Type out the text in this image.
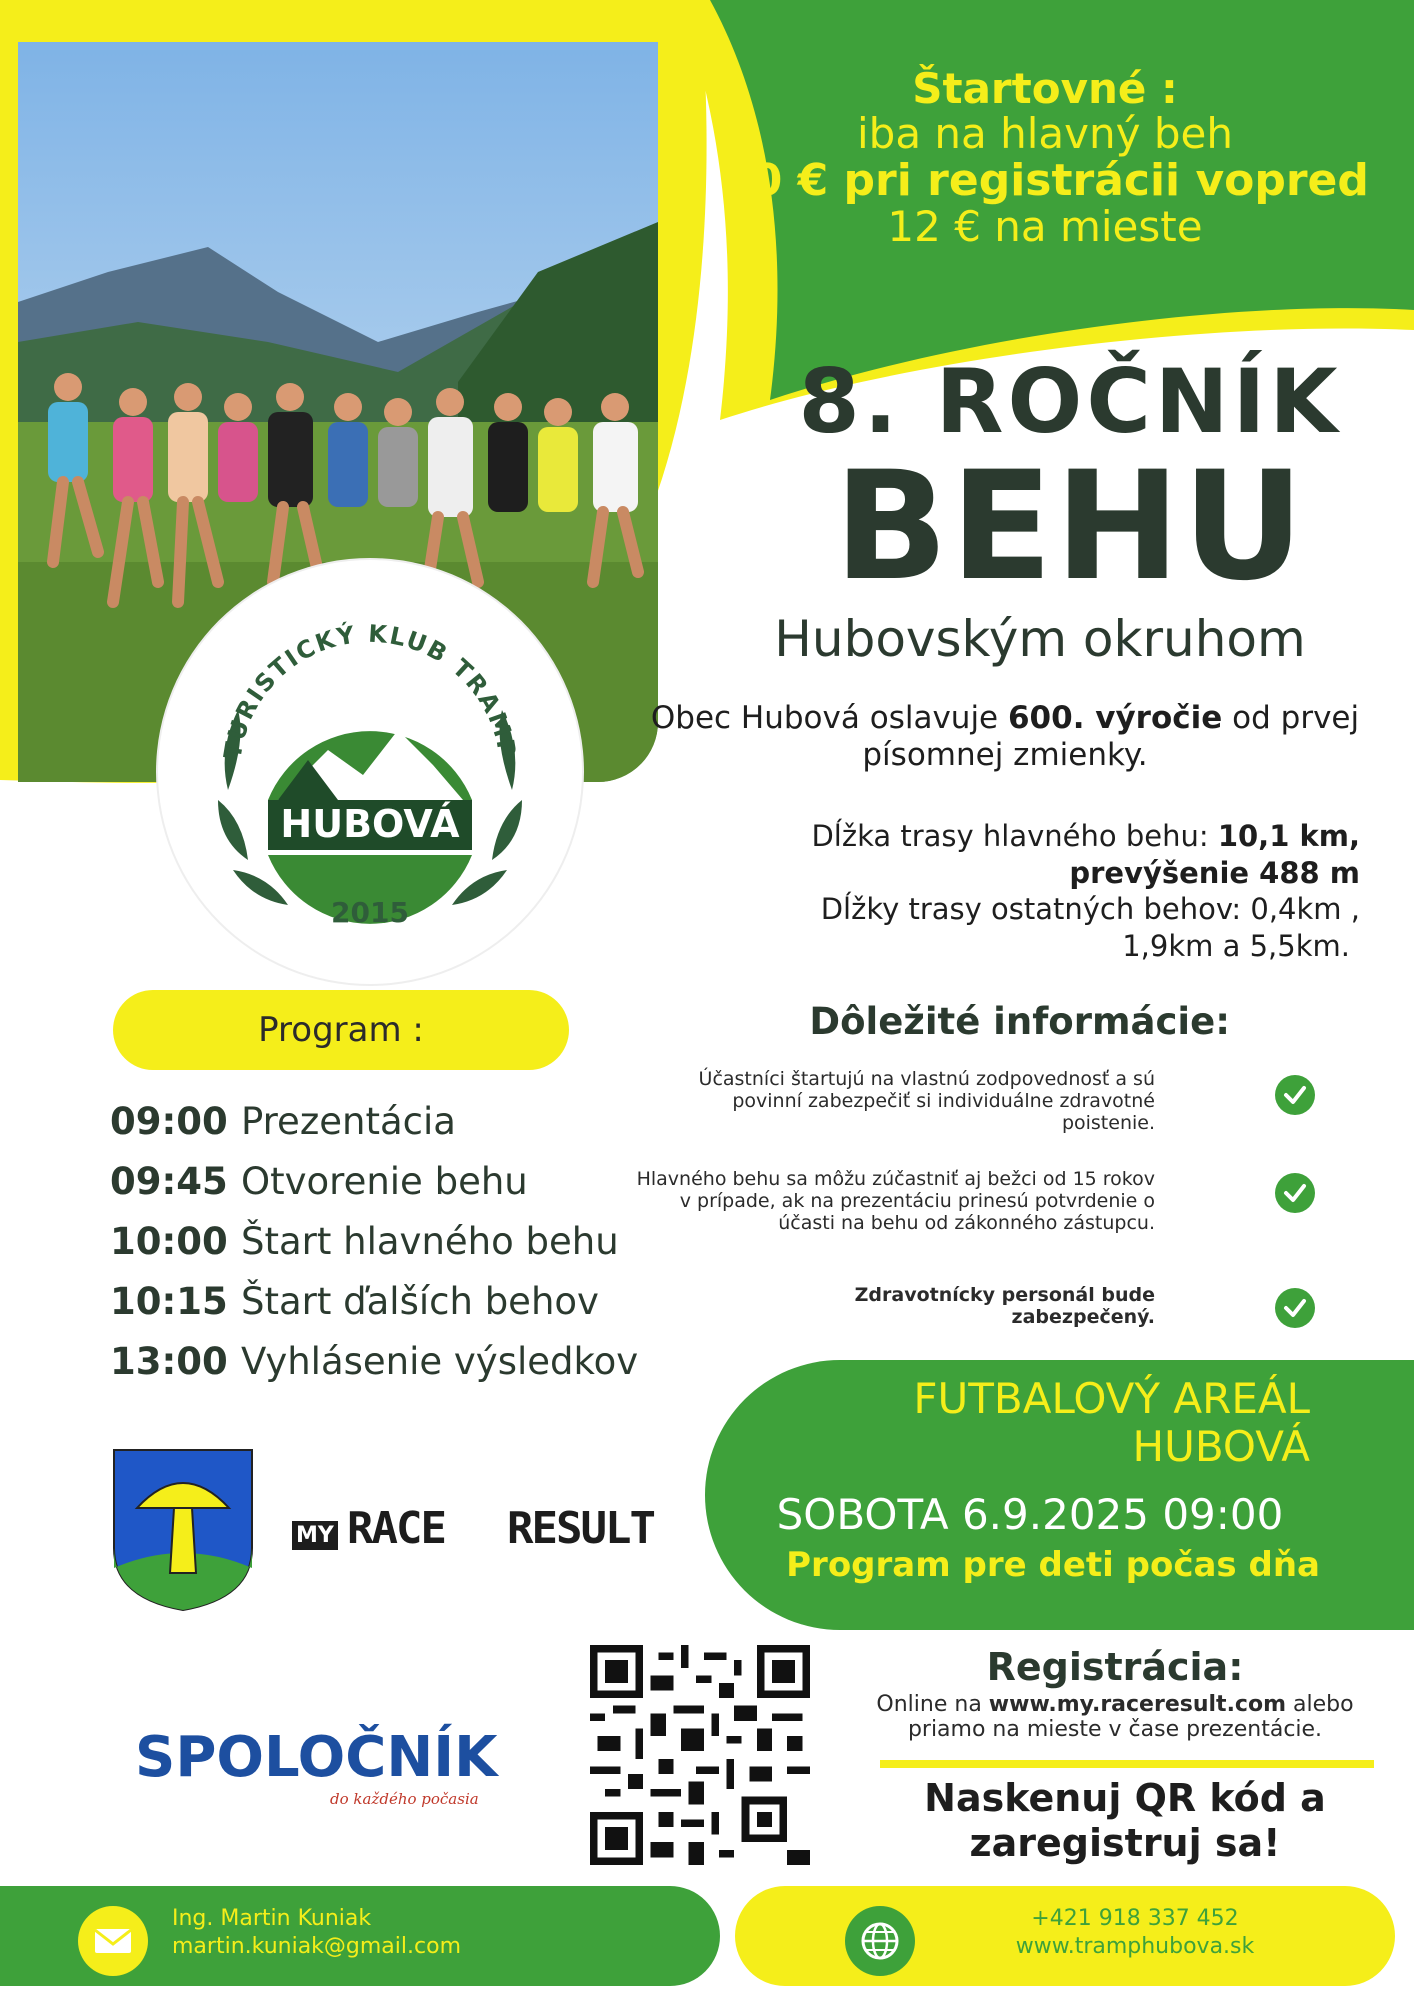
TURISTICKÝ KLUB TRAMP
HUBOVÁ
2015
Štartovné :
iba na hlavný beh
10 € pri registrácii vopred
12 € na mieste
8. ROČNÍK
BEHU
Hubovským okruhom
Obec Hubová oslavuje 600. výročie od prvej písomnej zmienky.
Dĺžka trasy hlavného behu: 10,1 km,
prevýšenie 488 m
Dĺžky trasy ostatných behov: 0,4km ,
1,9km a 5,5km.
Dôležité informácie:
Účastníci štartujú na vlastnú zodpovednosť a sú povinní zabezpečiť si individuálne zdravotné poistenie.
Hlavného behu sa môžu zúčastniť aj bežci od 15 rokov v prípade, ak na prezentáciu prinesú potvrdenie o účasti na behu od zákonného zástupcu.
Zdravotnícky personál bude zabezpečený.
Program :
09:00 Prezentácia
09:45 Otvorenie behu
10:00 Štart hlavného behu
10:15 Štart ďalších behov
13:00 Vyhlásenie výsledkov
FUTBALOVÝ AREÁL
HUBOVÁ
SOBOTA 6.9.2025 09:00
Program pre deti počas dňa
MY RACE RESULT
SPOLOČNÍK
do každého počasia
Registrácia:
Online na www.my.raceresult.com alebo priamo na mieste v čase prezentácie.
Naskenuj QR kód a zaregistruj sa!
Ing. Martin Kuniak
martin.kuniak@gmail.com
+421 918 337 452
www.tramphubova.sk
